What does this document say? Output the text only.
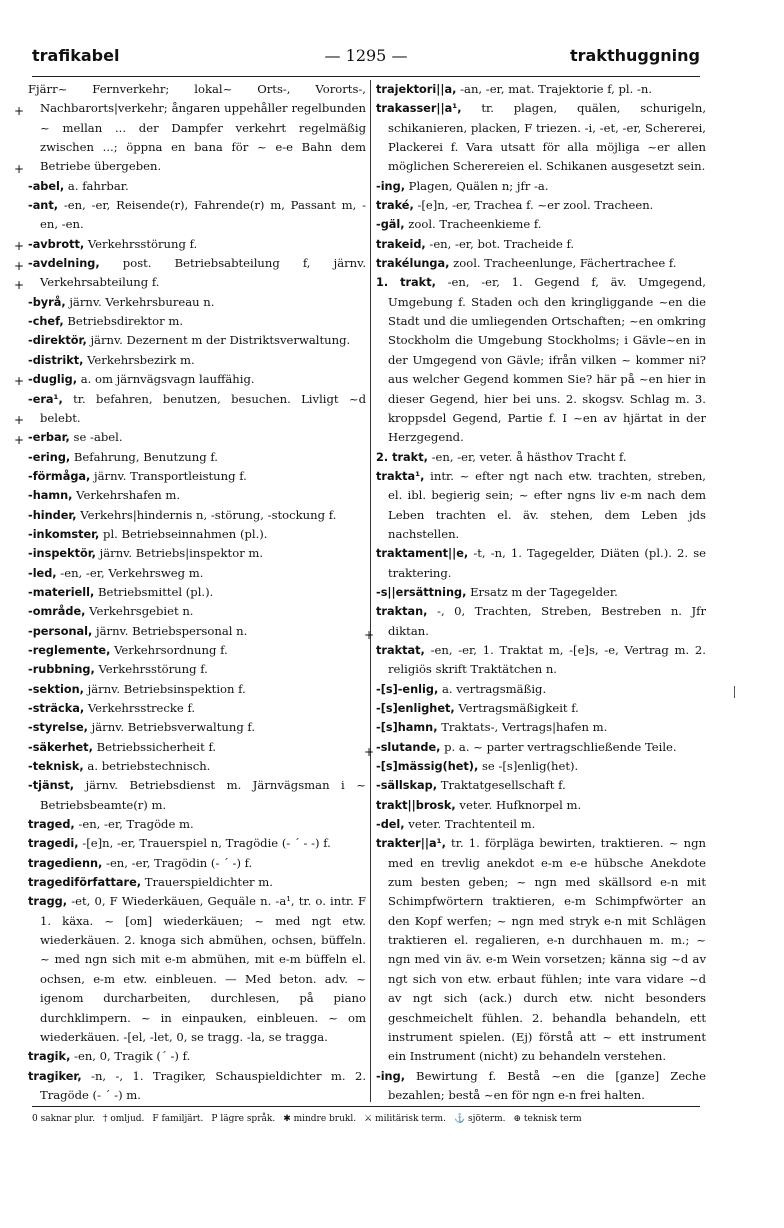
trafikabel	— 1295 —	trakthuggning

Fjärr~ Fernverkehr; lokal~ Orts-, Vororts-, Nachbarorts|verkehr; ångaren uppehåller regelbunden ~ mellan ... der Dampfer verkehrt regelmäßig zwischen ...; öppna en bana för ~ e-e Bahn dem Betriebe übergeben.

-abel, a. fahrbar.

-ant, -en, -er, Reisende(r), Fahrende(r) m, Passant m, -en, -en.

-avbrott, Verkehrsstörung f.

-avdelning, post. Betriebsabteilung f, järnv. Verkehrsabteilung f.

-byrå, järnv. Verkehrsbureau n.

-chef, Betriebsdirektor m.

-direktör, järnv. Dezernent m der Distriktsverwaltung.

-distrikt, Verkehrsbezirk m.

-duglig, a. om järnvägsvagn lauffähig.

-era¹, tr. befahren, benutzen, besuchen. Livligt ~d belebt.

-erbar, se -abel.

-ering, Befahrung, Benutzung f.

-förmåga, järnv. Transportleistung f.

-hamn, Verkehrshafen m.

-hinder, Verkehrs|hindernis n, -störung, -stockung f.

-inkomster, pl. Betriebseinnahmen (pl.).

-inspektör, järnv. Betriebs|inspektor m.

-led, -en, -er, Verkehrsweg m.

-materiell, Betriebsmittel (pl.).

-område, Verkehrsgebiet n.

-personal, järnv. Betriebspersonal n.

-reglemente, Verkehrsordnung f.

-rubbning, Verkehrsstörung f.

-sektion, järnv. Betriebsinspektion f.

-sträcka, Verkehrsstrecke f.

-styrelse, järnv. Betriebsverwaltung f.

-säkerhet, Betriebssicherheit f.

-teknisk, a. betriebstechnisch.

-tjänst, järnv. Betriebsdienst m. Järnvägsman i ~ Betriebsbeamte(r) m.

traged, -en, -er, Tragöde m.

tragedi, -[e]n, -er, Trauerspiel n, Tragödie (- ´ - -) f.

tragedienn, -en, -er, Tragödin (- ´ -) f.

tragediförfattare, Trauerspieldichter m.

tragg, -et, 0, F Wiederkäuen, Gequäle n. -a¹, tr. o. intr. F 1. käxa. ~ [om] wiederkäuen; ~ med ngt etw. wiederkäuen. 2. knoga sich abmühen, ochsen, büffeln. ~ med ngn sich mit e-m abmühen, mit e-m büffeln el. ochsen, e-m etw. einbleuen. — Med beton. adv. ~ igenom durcharbeiten, durchlesen, på piano durchklimpern. ~ in einpauken, einbleuen. ~ om wiederkäuen. -[el, -let, 0, se tragg. -la, se tragga.

tragik, -en, 0, Tragik (´ -) f.

tragiker, -n, -, 1. Tragiker, Schauspieldichter m. 2. Tragöde (- ´ -) m.

trajektori||a, -an, -er, mat. Trajektorie f, pl. -n.

trakasser||a¹, tr. plagen, quälen, schurigeln, schikanieren, placken, F triezen. -i, -et, -er, Schererei, Plackerei f. Vara utsatt för alla möjliga ~er allen möglichen Scherereien el. Schikanen ausgesetzt sein.

-ing, Plagen, Quälen n; jfr -a.

traké, -[e]n, -er, Trachea f. ~er zool. Tracheen.

-gäl, zool. Tracheenkieme f.

trakeid, -en, -er, bot. Tracheide f.

trakélunga, zool. Tracheenlunge, Fächertrachee f.

1. trakt, -en, -er, 1. Gegend f, äv. Umgegend, Umgebung f. Staden och den kringliggande ~en die Stadt und die umliegenden Ortschaften; ~en omkring Stockholm die Umgebung Stockholms; i Gävle~en in der Umgegend von Gävle; ifrån vilken ~ kommer ni? aus welcher Gegend kommen Sie? här på ~en hier in dieser Gegend, hier bei uns. 2. skogsv. Schlag m. 3. kroppsdel Gegend, Partie f. I ~en av hjärtat in der Herzgegend.

2. trakt, -en, -er, veter. å hästhov Tracht f.

trakta¹, intr. ~ efter ngt nach etw. trachten, streben, el. ibl. begierig sein; ~ efter ngns liv e-m nach dem Leben trachten el. äv. stehen, dem Leben jds nachstellen.

traktament||e, -t, -n, 1. Tagegelder, Diäten (pl.). 2. se traktering.

-s||ersättning, Ersatz m der Tagegelder.

traktan, -, 0, Trachten, Streben, Bestreben n. Jfr diktan.

traktat, -en, -er, 1. Traktat m, -[e]s, -e, Vertrag m. 2. religiös skrift Traktätchen n.

-[s]-enlig, a. vertragsmäßig.

-[s]enlighet, Vertragsmäßigkeit f.

-[s]hamn, Traktats-, Vertrags|hafen m.

-slutande, p. a. ~ parter vertragschließende Teile.

-[s]mässig(het), se -[s]enlig(het).

-sällskap, Traktatgesellschaft f.

trakt||brosk, veter. Hufknorpel m.

-del, veter. Trachtenteil m.

trakter||a¹, tr. 1. förpläga bewirten, traktieren. ~ ngn med en trevlig anekdot e-m e-e hübsche Anekdote zum besten geben; ~ ngn med skällsord e-n mit Schimpfwörtern traktieren, e-m Schimpfwörter an den Kopf werfen; ~ ngn med stryk e-n mit Schlägen traktieren el. regalieren, e-n durchhauen m. m.; ~ ngn med vin äv. e-m Wein vorsetzen; känna sig ~d av ngt sich von etw. erbaut fühlen; inte vara vidare ~d av ngt sich (ack.) durch etw. nicht besonders geschmeichelt fühlen. 2. behandla behandeln, ett instrument spielen. (Ej) förstå att ~ ett instrument ein Instrument (nicht) zu behandeln verstehen.

-ing, Bewirtung f. Bestå ~en die [ganze] Zeche bezahlen; bestå ~en för ngn e-n frei halten.

+
+
+
+
+
+
+
+
+
+
0 saknar plur. † omljud. F familjärt. P lägre språk. ✱ mindre brukl. ⚔ militärisk term. ⚓ sjöterm. ⊕ teknisk term
